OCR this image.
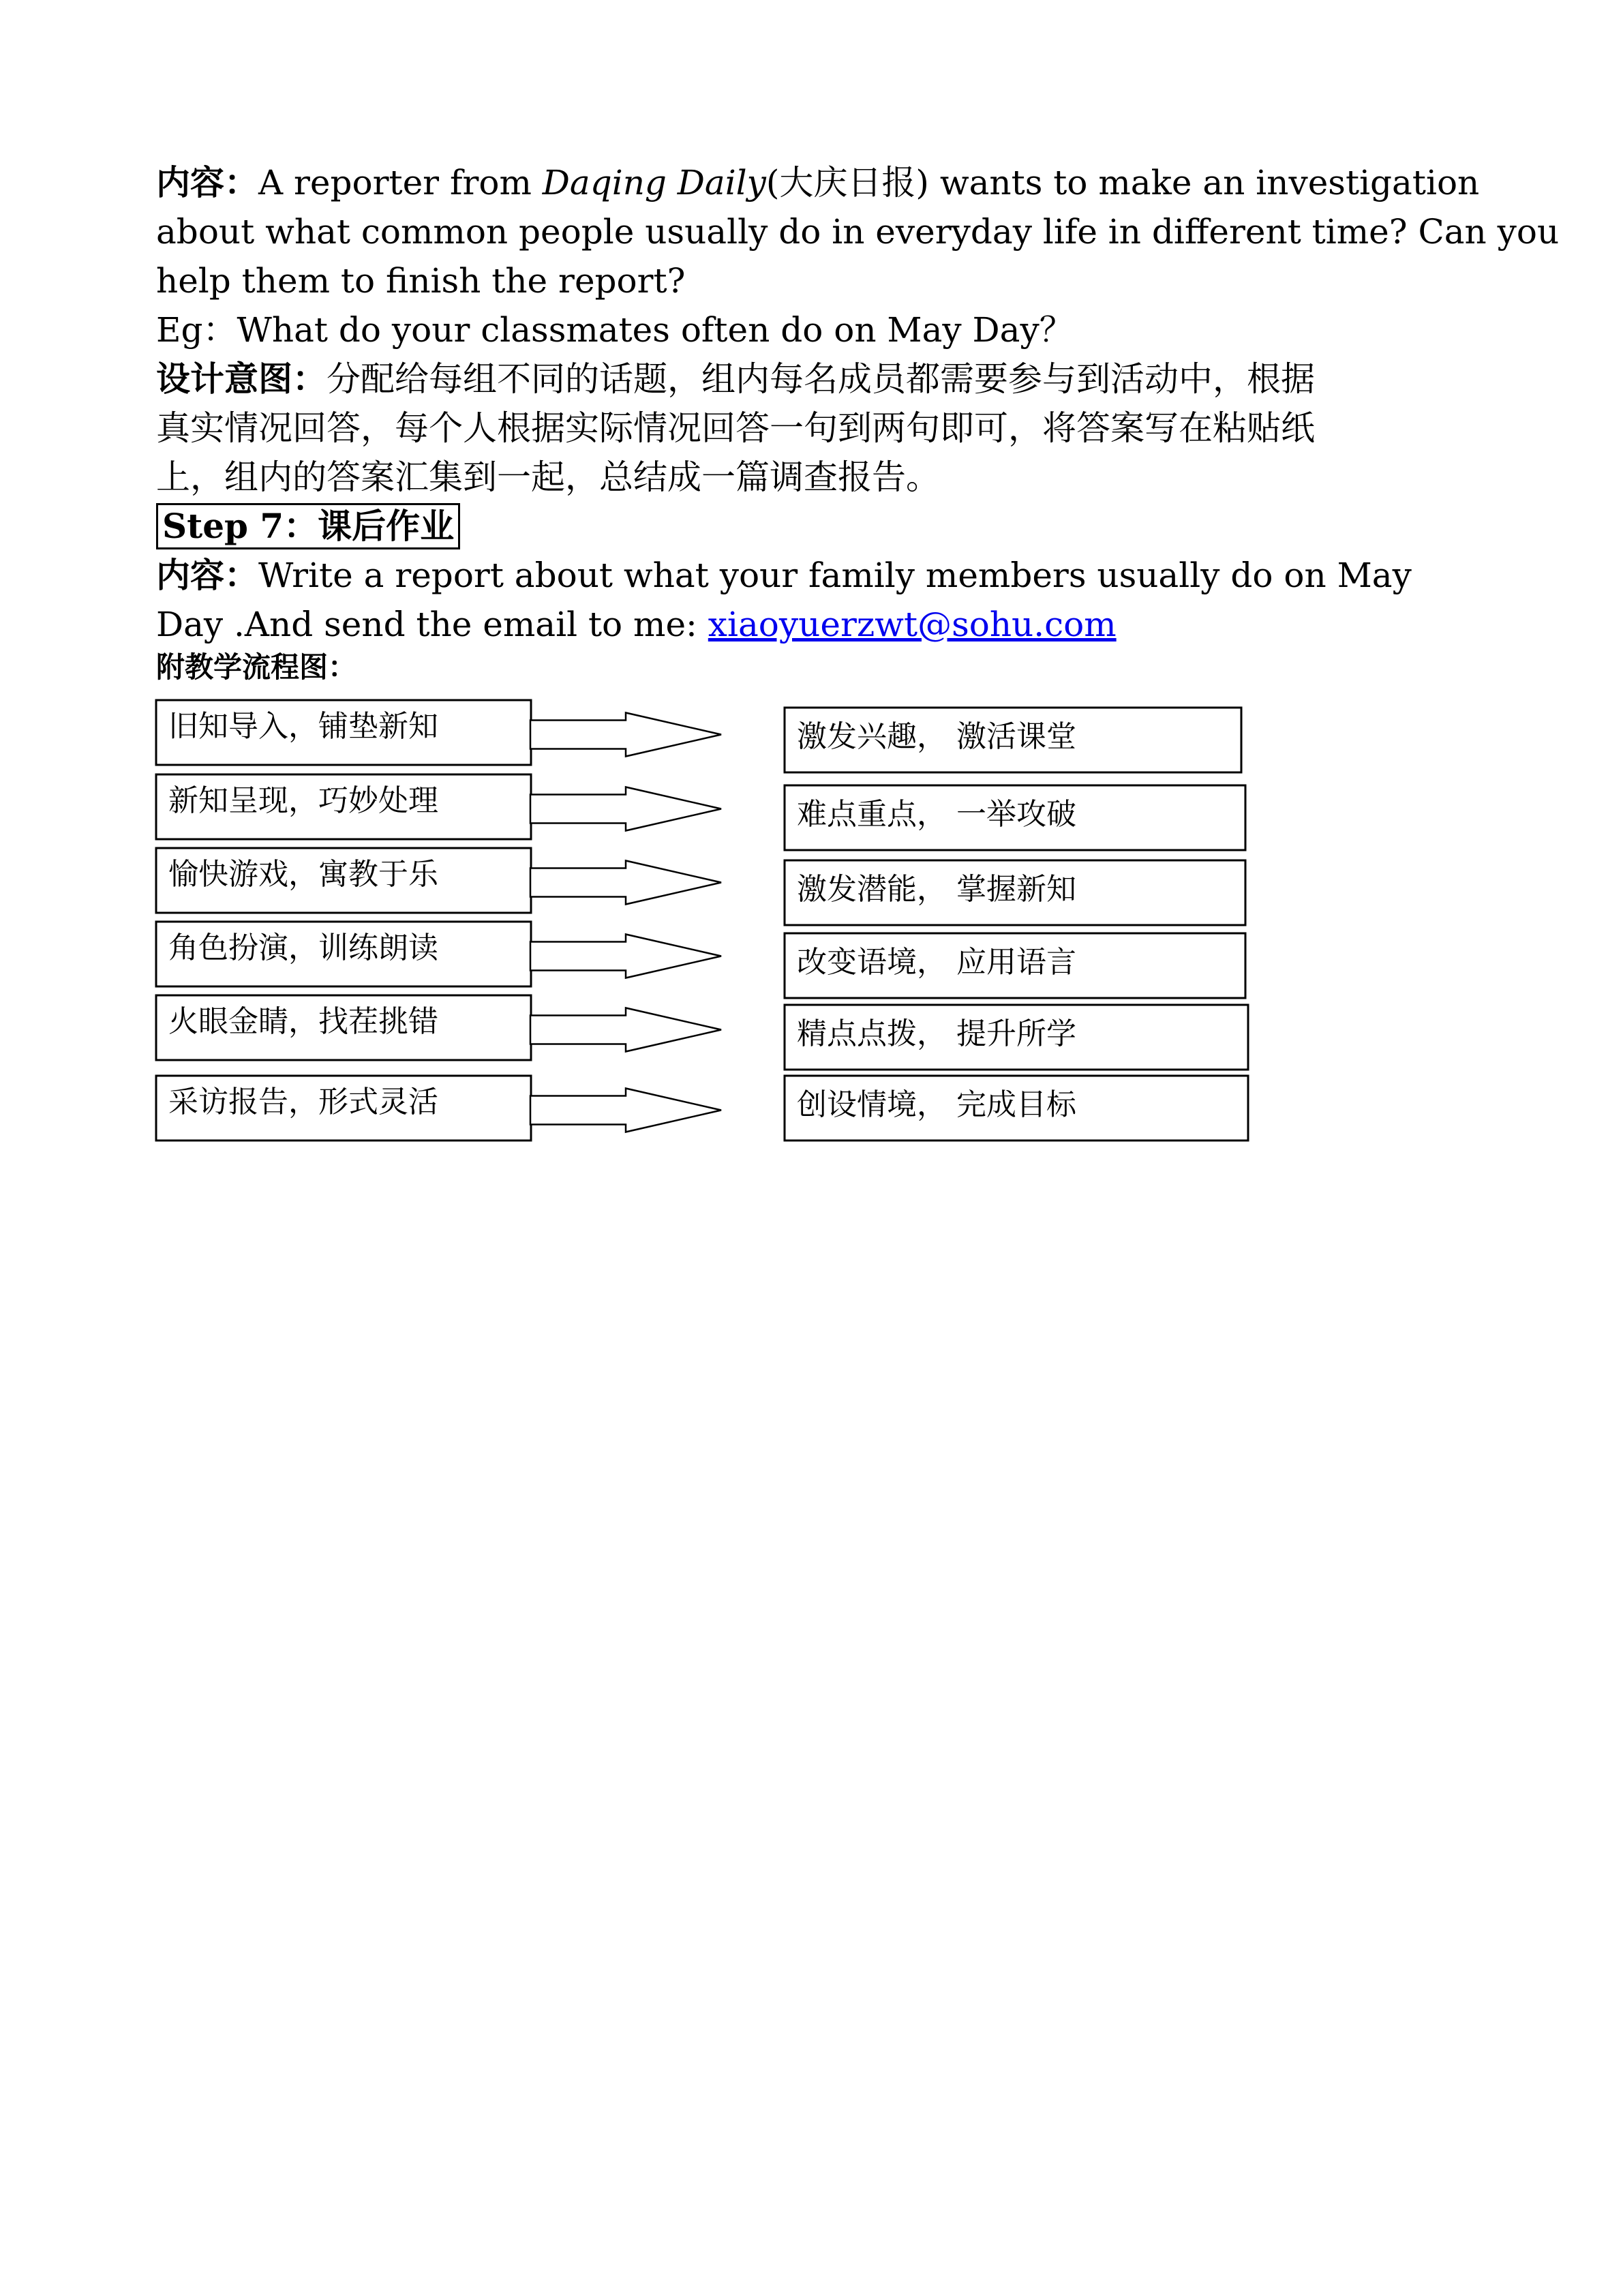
内容：A reporter from Daqing Daily(大庆日报) wants to make an investigation
about what common people usually do in everyday life in different time? Can you
help them to finish the report?
Eg：What do your classmates often do on May Day？
设计意图：分配给每组不同的话题，组内每名成员都需要参与到活动中，根据
真实情况回答，每个人根据实际情况回答一句到两句即可，将答案写在粘贴纸
上，组内的答案汇集到一起，总结成一篇调查报告。
Step 7：课后作业
内容：Write a report about what your family members usually do on May
Day .And send the email to me: xiaoyuerzwt@sohu.com
附教学流程图：
旧知导入，铺垫新知
新知呈现，巧妙处理
愉快游戏，寓教于乐
角色扮演，训练朗读
火眼金睛，找茬挑错
采访报告，形式灵活
激发兴趣， 激活课堂
难点重点， 一举攻破
激发潜能， 掌握新知
改变语境， 应用语言
精点点拨， 提升所学
创设情境， 完成目标
